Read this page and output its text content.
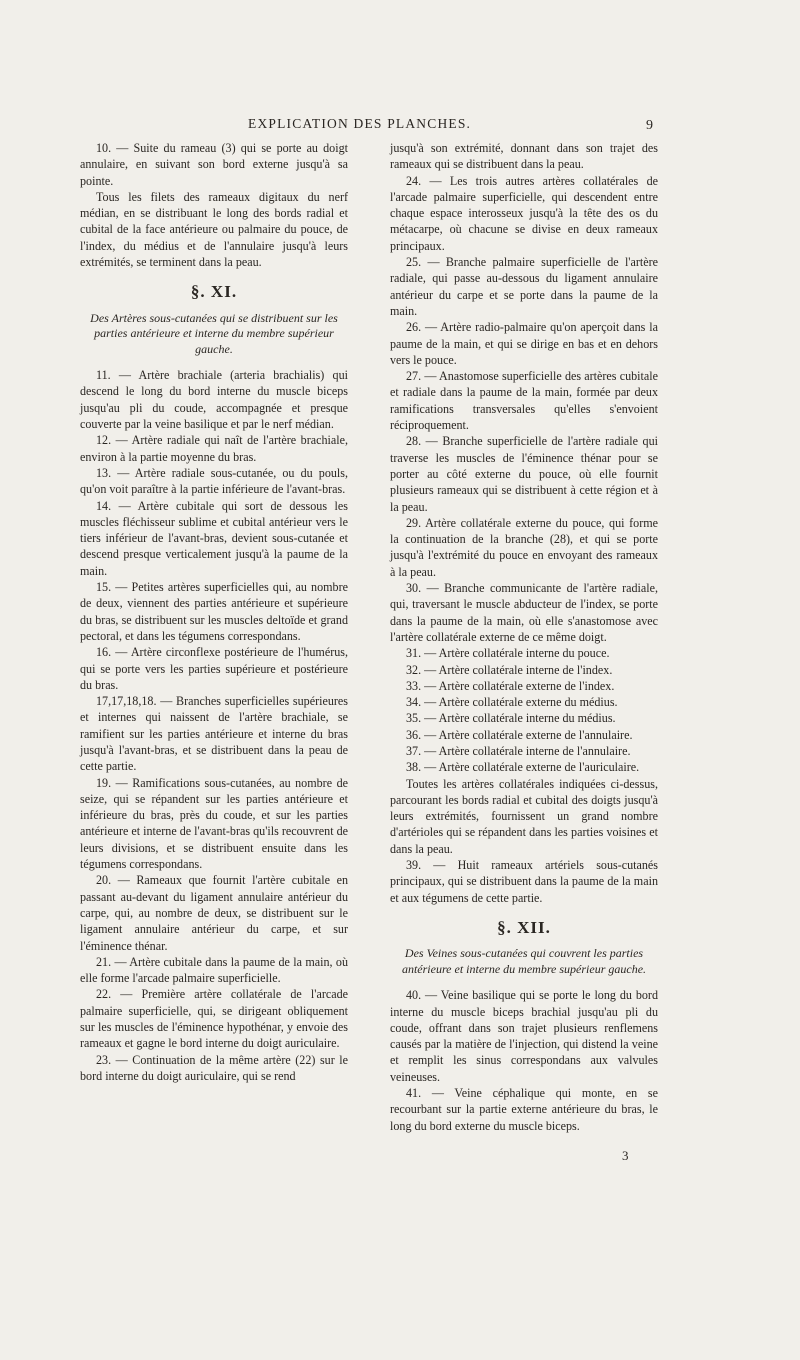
EXPLICATION DES PLANCHES.	9

10. — Suite du rameau (3) qui se porte au doigt annulaire, en suivant son bord externe jusqu'à sa pointe.

Tous les filets des rameaux digitaux du nerf médian, en se distribuant le long des bords radial et cubital de la face antérieure ou palmaire du pouce, de l'index, du médius et de l'annulaire jusqu'à leurs extrémités, se terminent dans la peau.

§. XI.
Des Artères sous-cutanées qui se distribuent sur les parties antérieure et interne du membre supérieur gauche.

11. — Artère brachiale (arteria brachialis) qui descend le long du bord interne du muscle biceps jusqu'au pli du coude, accompagnée et presque couverte par la veine basilique et par le nerf médian.

12. — Artère radiale qui naît de l'artère brachiale, environ à la partie moyenne du bras.

13. — Artère radiale sous-cutanée, ou du pouls, qu'on voit paraître à la partie inférieure de l'avant-bras.

14. — Artère cubitale qui sort de dessous les muscles fléchisseur sublime et cubital antérieur vers le tiers inférieur de l'avant-bras, devient sous-cutanée et descend presque verticalement jusqu'à la paume de la main.

15. — Petites artères superficielles qui, au nombre de deux, viennent des parties antérieure et supérieure du bras, se distribuent sur les muscles deltoïde et grand pectoral, et dans les tégumens correspondans.

16. — Artère circonflexe postérieure de l'humérus, qui se porte vers les parties supérieure et postérieure du bras.

17,17,18,18. — Branches superficielles supérieures et internes qui naissent de l'artère brachiale, se ramifient sur les parties antérieure et interne du bras jusqu'à l'avant-bras, et se distribuent dans la peau de cette partie.

19. — Ramifications sous-cutanées, au nombre de seize, qui se répandent sur les parties antérieure et inférieure du bras, près du coude, et sur les parties antérieure et interne de l'avant-bras qu'ils recouvrent de leurs divisions, et se distribuent ensuite dans les tégumens correspondans.

20. — Rameaux que fournit l'artère cubitale en passant au-devant du ligament annulaire antérieur du carpe, qui, au nombre de deux, se distribuent sur le ligament annulaire antérieur du carpe, et sur l'éminence thénar.

21. — Artère cubitale dans la paume de la main, où elle forme l'arcade palmaire superficielle.

22. — Première artère collatérale de l'arcade palmaire superficielle, qui, se dirigeant obliquement sur les muscles de l'éminence hypothénar, y envoie des rameaux et gagne le bord interne du doigt auriculaire.

23. — Continuation de la même artère (22) sur le bord interne du doigt auriculaire, qui se rend

jusqu'à son extrémité, donnant dans son trajet des rameaux qui se distribuent dans la peau.

24. — Les trois autres artères collatérales de l'arcade palmaire superficielle, qui descendent entre chaque espace interosseux jusqu'à la tête des os du métacarpe, où chacune se divise en deux rameaux principaux.

25. — Branche palmaire superficielle de l'artère radiale, qui passe au-dessous du ligament annulaire antérieur du carpe et se porte dans la paume de la main.

26. — Artère radio-palmaire qu'on aperçoit dans la paume de la main, et qui se dirige en bas et en dehors vers le pouce.

27. — Anastomose superficielle des artères cubitale et radiale dans la paume de la main, formée par deux ramifications transversales qu'elles s'envoient réciproquement.

28. — Branche superficielle de l'artère radiale qui traverse les muscles de l'éminence thénar pour se porter au côté externe du pouce, où elle fournit plusieurs rameaux qui se distribuent à cette région et à la peau.

29. Artère collatérale externe du pouce, qui forme la continuation de la branche (28), et qui se porte jusqu'à l'extrémité du pouce en envoyant des rameaux à la peau.

30. — Branche communicante de l'artère radiale, qui, traversant le muscle abducteur de l'index, se porte dans la paume de la main, où elle s'anastomose avec l'artère collatérale externe de ce même doigt.

31. — Artère collatérale interne du pouce.

32. — Artère collatérale interne de l'index.

33. — Artère collatérale externe de l'index.

34. — Artère collatérale externe du médius.

35. — Artère collatérale interne du médius.

36. — Artère collatérale externe de l'annulaire.

37. — Artère collatérale interne de l'annulaire.

38. — Artère collatérale externe de l'auriculaire.

Toutes les artères collatérales indiquées ci-dessus, parcourant les bords radial et cubital des doigts jusqu'à leurs extrémités, fournissent un grand nombre d'artérioles qui se répandent dans les parties voisines et dans la peau.

39. — Huit rameaux artériels sous-cutanés principaux, qui se distribuent dans la paume de la main et aux tégumens de cette partie.

§. XII.
Des Veines sous-cutanées qui couvrent les parties antérieure et interne du membre supérieur gauche.

40. — Veine basilique qui se porte le long du bord interne du muscle biceps brachial jusqu'au pli du coude, offrant dans son trajet plusieurs renflemens causés par la matière de l'injection, qui distend la veine et remplit les sinus correspondans aux valvules veineuses.

41. — Veine céphalique qui monte, en se recourbant sur la partie externe antérieure du bras, le long du bord externe du muscle biceps.

3
